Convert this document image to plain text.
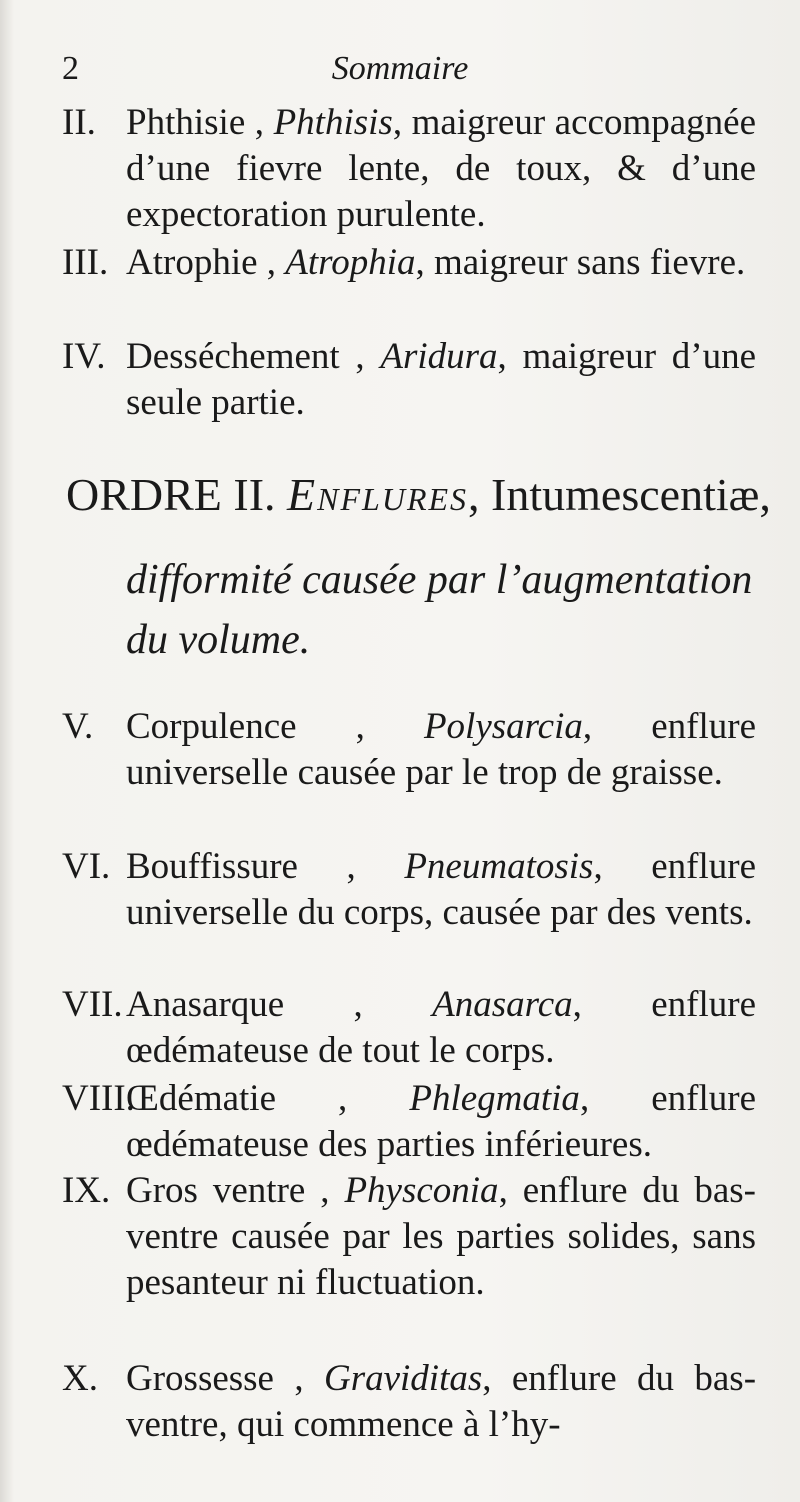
2	Sommaire
II. Phthisie , Phthisis, maigreur accompagnée d’une fievre lente, de toux, & d’une expectoration purulente.
III. Atrophie , Atrophia, maigreur sans fievre.
IV. Desséchement , Aridura, maigreur d’une seule partie.
ORDRE II. Enflures, Intumescentiæ,
difformité causée par l’augmentation du volume.
V. Corpulence , Polysarcia, enflure universelle causée par le trop de graisse.
VI. Bouffissure , Pneumatosis, enflure universelle du corps, causée par des vents.
VII. Anasarque , Anasarca, enflure œdémateuse de tout le corps.
VIII.
Œdématie , Phlegmatia, enflure œdémateuse des parties inférieures.
IX. Gros ventre , Physconia, enflure du bas-ventre causée par les parties solides, sans pesanteur ni fluctuation.
X. Grossesse , Graviditas, enflure du bas-ventre, qui commence à l’hy-
